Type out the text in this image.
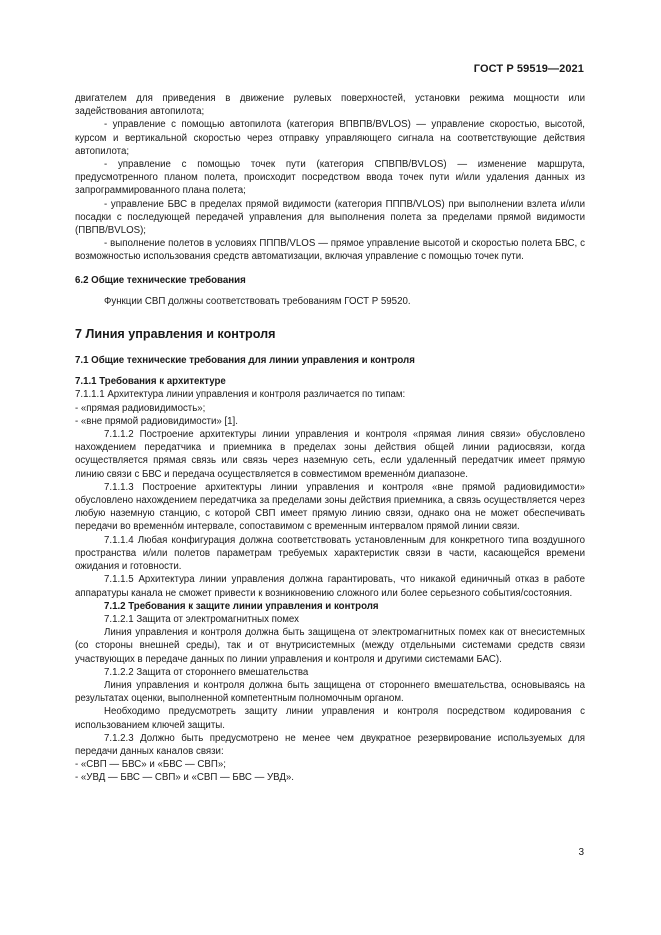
ГОСТ Р 59519—2021

двигателем для приведения в движение рулевых поверхностей, установки режима мощности или задействования автопилота;

- управление с помощью автопилота (категория ВПВПВ/BVLOS) — управление скоростью, высотой, курсом и вертикальной скоростью через отправку управляющего сигнала на соответствующие действия автопилота;

- управление с помощью точек пути (категория СПВПВ/BVLOS) — изменение маршрута, предусмотренного планом полета, происходит посредством ввода точек пути и/или удаления данных из запрограммированного плана полета;

- управление БВС в пределах прямой видимости (категория ПППВ/VLOS) при выполнении взлета и/или посадки с последующей передачей управления для выполнения полета за пределами прямой видимости (ПВПВ/BVLOS);

- выполнение полетов в условиях ПППВ/VLOS — прямое управление высотой и скоростью полета БВС, с возможностью использования средств автоматизации, включая управление с помощью точек пути.

6.2 Общие технические требования

Функции СВП должны соответствовать требованиям ГОСТ Р 59520.

7 Линия управления и контроля

7.1 Общие технические требования для линии управления и контроля

7.1.1 Требования к архитектуре

7.1.1.1 Архитектура линии управления и контроля различается по типам:

- «прямая радиовидимость»;

- «вне прямой радиовидимости» [1].

7.1.1.2 Построение архитектуры линии управления и контроля «прямая линия связи» обусловлено нахождением передатчика и приемника в пределах зоны действия общей линии радиосвязи, когда осуществляется прямая связь или связь через наземную сеть, если удаленный передатчик имеет прямую линию связи с БВС и передача осуществляется в совместимом временнóм диапазоне.

7.1.1.3 Построение архитектуры линии управления и контроля «вне прямой радиовидимости» обусловлено нахождением передатчика за пределами зоны действия приемника, а связь осуществляется через любую наземную станцию, с которой СВП имеет прямую линию связи, однако она не может обеспечивать передачи во временнóм интервале, сопоставимом с временным интервалом прямой линии связи.

7.1.1.4 Любая конфигурация должна соответствовать установленным для конкретного типа воздушного пространства и/или полетов параметрам требуемых характеристик связи в части, касающейся времени ожидания и готовности.

7.1.1.5 Архитектура линии управления должна гарантировать, что никакой единичный отказ в работе аппаратуры канала не сможет привести к возникновению сложного или более серьезного события/состояния.

7.1.2 Требования к защите линии управления и контроля

7.1.2.1 Защита от электромагнитных помех

Линия управления и контроля должна быть защищена от электромагнитных помех как от внесистемных (со стороны внешней среды), так и от внутрисистемных (между отдельными системами средств связи участвующих в передаче данных по линии управления и контроля и другими системами БАС).

7.1.2.2 Защита от стороннего вмешательства

Линия управления и контроля должна быть защищена от стороннего вмешательства, основываясь на результатах оценки, выполненной компетентным полномочным органом.

Необходимо предусмотреть защиту линии управления и контроля посредством кодирования с использованием ключей защиты.

7.1.2.3 Должно быть предусмотрено не менее чем двукратное резервирование используемых для передачи данных каналов связи:

- «СВП — БВС» и «БВС — СВП»;

- «УВД — БВС — СВП» и «СВП — БВС — УВД».

3
